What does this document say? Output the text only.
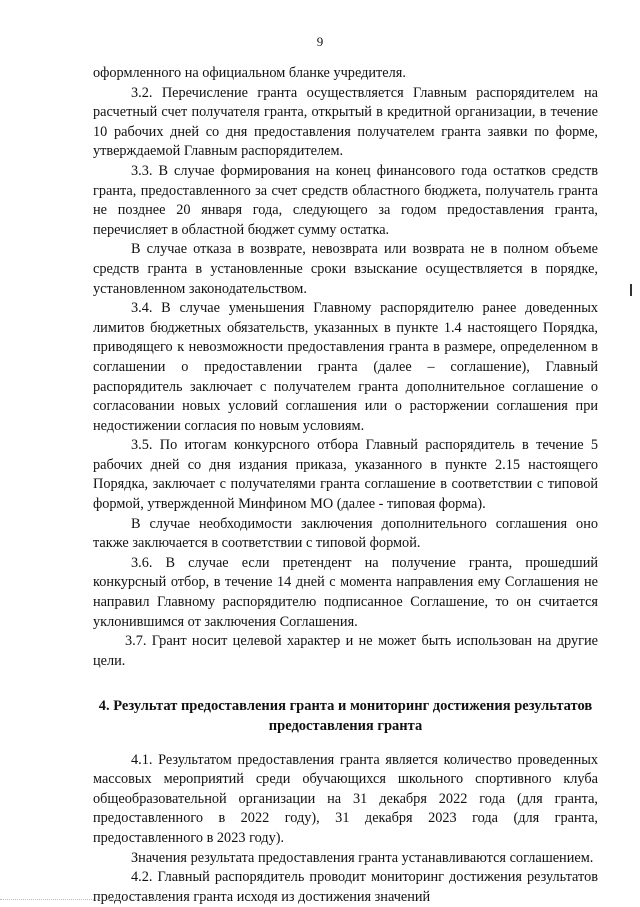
9

оформленного на официальном бланке учредителя.

3.2. Перечисление гранта осуществляется Главным распорядителем на расчетный счет получателя гранта, открытый в кредитной организации, в течение 10 рабочих дней со дня предоставления получателем гранта заявки по форме, утверждаемой Главным распорядителем.

3.3. В случае формирования на конец финансового года остатков средств гранта, предоставленного за счет средств областного бюджета, получатель гранта не позднее 20 января года, следующего за годом предоставления гранта, перечисляет в областной бюджет сумму остатка.

В случае отказа в возврате, невозврата или возврата не в полном объеме средств гранта в установленные сроки взыскание осуществляется в порядке, установленном законодательством.

3.4. В случае уменьшения Главному распорядителю ранее доведенных лимитов бюджетных обязательств, указанных в пункте 1.4 настоящего Порядка, приводящего к невозможности предоставления гранта в размере, определенном в соглашении о предоставлении гранта (далее – соглашение), Главный распорядитель заключает с получателем гранта дополнительное соглашение о согласовании новых условий соглашения или о расторжении соглашения при недостижении согласия по новым условиям.

3.5. По итогам конкурсного отбора Главный распорядитель в течение 5 рабочих дней со дня издания приказа, указанного в пункте 2.15 настоящего Порядка, заключает с получателями гранта соглашение в соответствии с типовой формой, утвержденной Минфином МО (далее - типовая форма).

В случае необходимости заключения дополнительного соглашения оно также заключается в соответствии с типовой формой.

3.6. В случае если претендент на получение гранта, прошедший конкурсный отбор, в течение 14 дней с момента направления ему Соглашения не направил Главному распорядителю подписанное Соглашение, то он считается уклонившимся от заключения Соглашения.

3.7. Грант носит целевой характер и не может быть использован на другие цели.

4. Результат предоставления гранта и мониторинг достижения результатов предоставления гранта

4.1. Результатом предоставления гранта является количество проведенных массовых мероприятий среди обучающихся школьного спортивного клуба общеобразовательной организации на 31 декабря 2022 года (для гранта, предоставленного в 2022 году), 31 декабря 2023 года (для гранта, предоставленного в 2023 году).

Значения результата предоставления гранта устанавливаются соглашением.

4.2. Главный распорядитель проводит мониторинг достижения результатов предоставления гранта исходя из достижения значений
